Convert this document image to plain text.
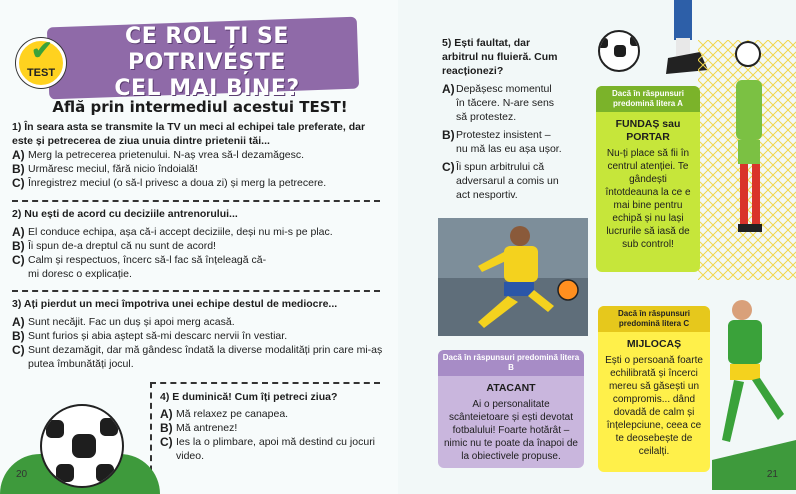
CE ROL ȚI SE POTRIVEȘTE
CEL MAI BINE?
✔
TEST
Află prin intermediul acestui TEST!
1) În seara asta se transmite la TV un meci al echipei tale preferate, dar este și petrecerea de ziua unuia dintre prietenii tăi...
A) Merg la petrecerea prietenului. N-aș vrea să-l dezamăgesc.
B) Urmăresc meciul, fără nicio îndoială!
C) Înregistrez meciul (o să-l privesc a doua zi) și merg la petrecere.
2) Nu ești de acord cu deciziile antrenorului...
A) El conduce echipa, așa că-i accept deciziile, deși nu mi-s pe plac.
B) Îi spun de-a dreptul că nu sunt de acord!
C) Calm și respectuos, încerc să-l fac să înțeleagă că-mi doresc o explicație.
3) Ați pierdut un meci împotriva unei echipe destul de mediocre...
A) Sunt necăjit. Fac un duș și apoi merg acasă.
B) Sunt furios și abia aștept să-mi descarc nervii în vestiar.
C) Sunt dezamăgit, dar mă gândesc îndată la diverse modalități prin care mi-aș putea îmbunătăți jocul.
4) E duminică! Cum îți petreci ziua?
A) Mă relaxez pe canapea.
B) Mă antrenez!
C) Ies la o plimbare, apoi mă destind cu jocuri video.
20
5) Ești faultat, dar arbitrul nu fluieră. Cum reacționezi?
A) Depășesc momentul în tăcere. N-are sens să protestez.
B) Protestez insistent – nu mă las eu așa ușor.
C) Îi spun arbitrului că adversarul a comis un act nesportiv.
Dacă în răspunsuri predomină litera A
FUNDAȘ sau PORTAR
Nu-ți place să fii în centrul atenției. Te gândești întotdeauna la ce e mai bine pentru echipă și nu lași lucrurile să iasă de sub control!
Dacă în răspunsuri predomină litera B
ATACANT
Ai o personalitate scânteietoare și ești devotat fotbalului! Foarte hotărât – nimic nu te poate da înapoi de la obiectivele propuse.
Dacă în răspunsuri predomină litera C
MIJLOCAȘ
Ești o persoană foarte echilibrată și încerci mereu să găsești un compromis... dând dovadă de calm și înțelepciune, ceea ce te deosebește de ceilalți.
21
